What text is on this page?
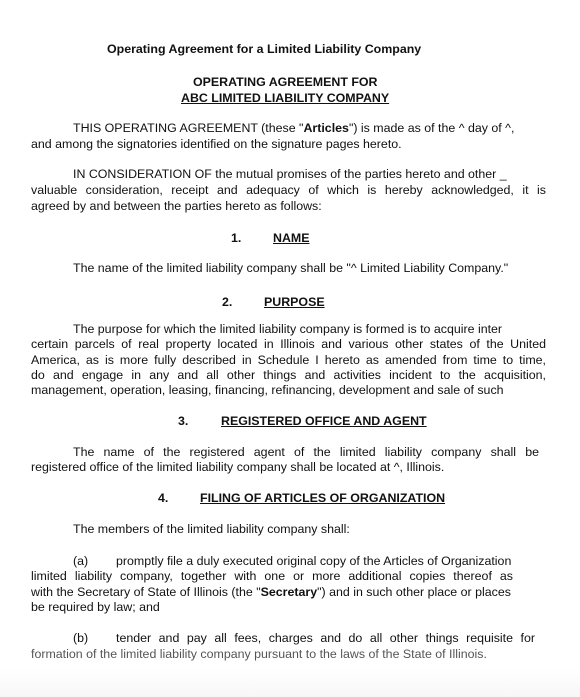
Operating Agreement for a Limited Liability Company
OPERATING AGREEMENT FOR
ABC LIMITED LIABILITY COMPANY
THIS OPERATING AGREEMENT (these "Articles") is made as of the ^ day of ^,
and among the signatories identified on the signature pages hereto.
IN CONSIDERATION OF the mutual promises of the parties hereto and other _
valuable consideration, receipt and adequacy of which is hereby acknowledged, it is
agreed by and between the parties hereto as follows:
1.	NAME
The name of the limited liability company shall be "^ Limited Liability Company."
2.	PURPOSE
The purpose for which the limited liability company is formed is to acquire inter
certain parcels of real property located in Illinois and various other states of the United
America, as is more fully described in Schedule I hereto as amended from time to time,
do and engage in any and all other things and activities incident to the acquisition,
management, operation, leasing, financing, refinancing, development and sale of such
3.	REGISTERED OFFICE AND AGENT
The name of the registered agent of the limited liability company shall be
registered office of the limited liability company shall be located at ^, Illinois.
4.	FILING OF ARTICLES OF ORGANIZATION
The members of the limited liability company shall:
(a) promptly file a duly executed original copy of the Articles of Organization
limited liability company, together with one or more additional copies thereof as
with the Secretary of State of Illinois (the "Secretary") and in such other place or places
be required by law; and
(b) tender and pay all fees, charges and do all other things requisite for
formation of the limited liability company pursuant to the laws of the State of Illinois.
